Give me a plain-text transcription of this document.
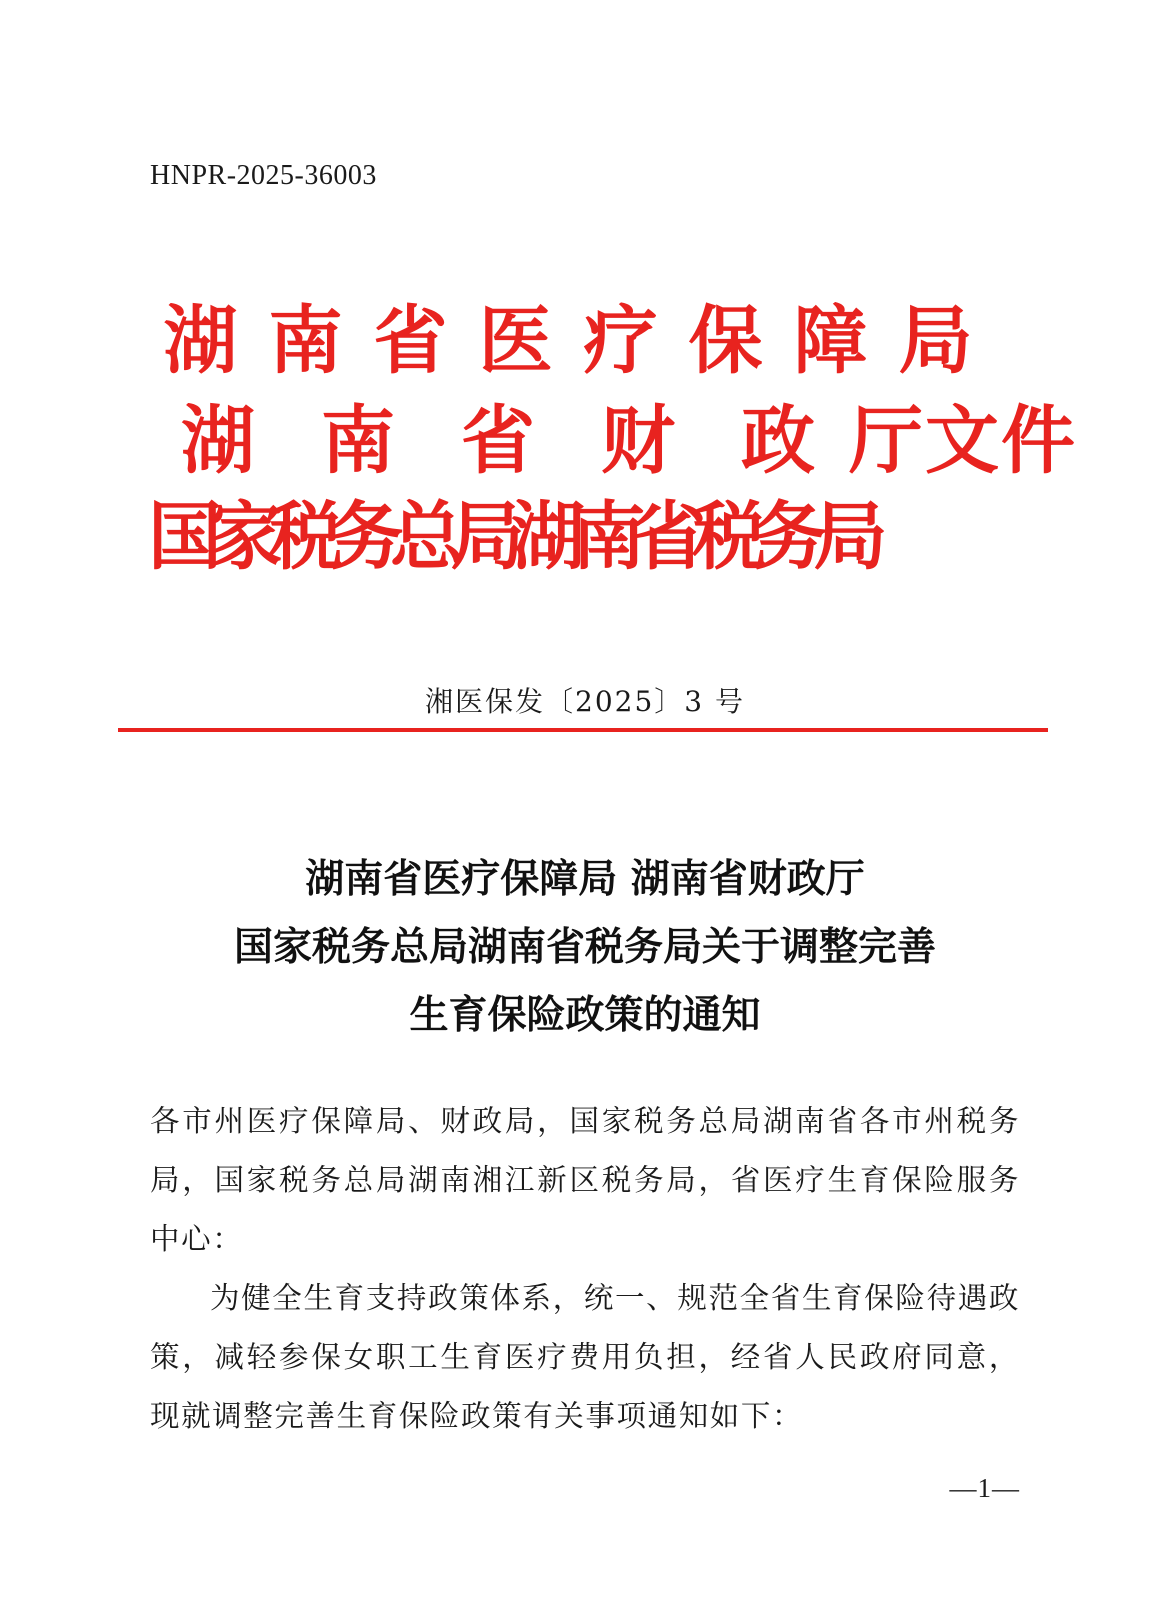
HNPR-2025-36003
湖 南 省 医 疗 保 障 局
湖 南 省 财 政 厅 文 件
国
家
税
务
总
局
湖
南
省
税
务
局
湘医保发〔2025〕3 号
湖南省医疗保障局 湖南省财政厅
国家税务总局湖南省税务局关于调整完善
生育保险政策的通知

各市州医疗保障局、财政局，国家税务总局湖南省各市州税务局，国家税务总局湖南湘江新区税务局，省医疗生育保险服务中心：

为健全生育支持政策体系，统一、规范全省生育保险待遇政策，减轻参保女职工生育医疗费用负担，经省人民政府同意，现就调整完善生育保险政策有关事项通知如下：

—1—
